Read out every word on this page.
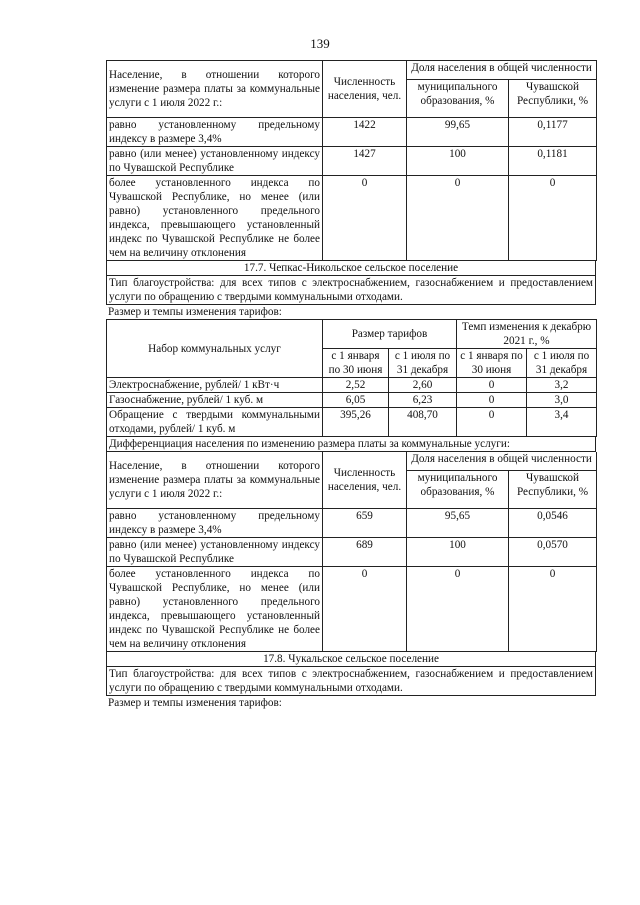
139
Население, в отношении которого изменение размера платы за коммунальные услуги с 1 июля 2022 г.:	Численность населения, чел.	Доля населения в общей численности	
		муниципального образования, %	Чувашской Республики, %
равно установленному предельному индексу в размере 3,4%	1422	99,65	0,1177
равно (или менее) установленному индексу по Чувашской Республике	1427	100	0,1181
более установленного индекса по Чувашской Республике, но менее (или равно) установленного предельного индекса, превышающего установленный индекс по Чувашской Республике не более чем на величину отклонения	0	0	0
17.7. Чепкас-Никольское сельское поселение
Тип благоустройства: для всех типов с электроснабжением, газоснабжением и предоставлением услуги по обращению с твердыми коммунальными отходами.
Размер и темпы изменения тарифов:
Набор коммунальных услуг	Размер тарифов		Темп изменения к декабрю 2021 г., %	
	с 1 января по 30 июня	с 1 июля по 31 декабря	с 1 января по 30 июня	с 1 июля по 31 декабря
Электроснабжение, рублей/ 1 кВт·ч	2,52	2,60	0	3,2
Газоснабжение, рублей/ 1 куб. м	6,05	6,23	0	3,0
Обращение с твердыми коммунальными отходами, рублей/ 1 куб. м	395,26	408,70	0	3,4
Дифференциация населения по изменению размера платы за коммунальные услуги:
Население, в отношении которого изменение размера платы за коммунальные услуги с 1 июля 2022 г.:	Численность населения, чел.	Доля населения в общей численности	
		муниципального образования, %	Чувашской Республики, %
равно установленному предельному индексу в размере 3,4%	659	95,65	0,0546
равно (или менее) установленному индексу по Чувашской Республике	689	100	0,0570
более установленного индекса по Чувашской Республике, но менее (или равно) установленного предельного индекса, превышающего установленный индекс по Чувашской Республике не более чем на величину отклонения	0	0	0
17.8. Чукальское сельское поселение
Тип благоустройства: для всех типов с электроснабжением, газоснабжением и предоставлением услуги по обращению с твердыми коммунальными отходами.
Размер и темпы изменения тарифов:
